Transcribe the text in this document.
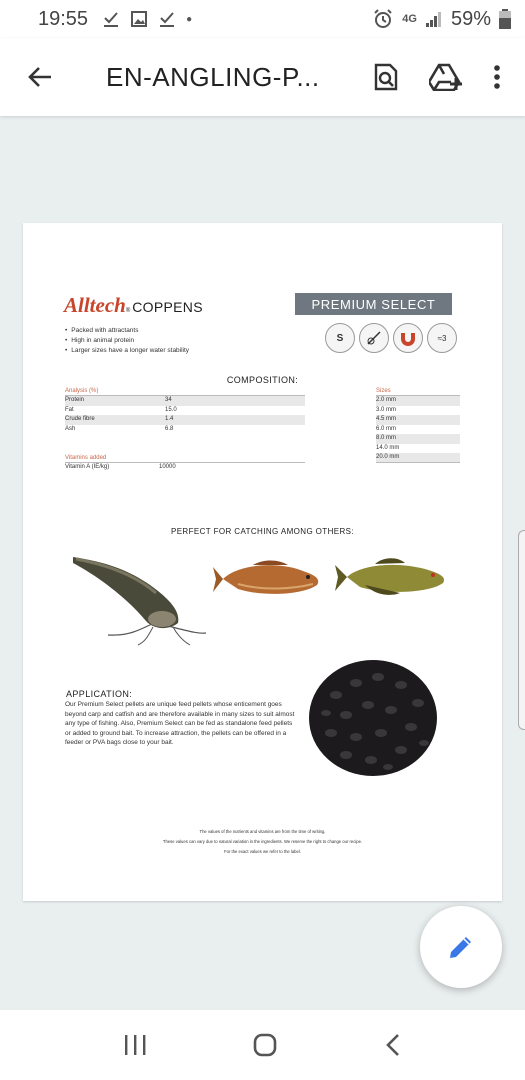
19:55	●	4G 59%
EN-ANGLING-P...
Alltech ® COPPENS	PREMIUM SELECT
• Packed with attractants
• High in animal protein
• Larger sizes have a longer water stability
S	≈3
COMPOSITION:
Analysis (%)
Protein	34
Fat	15.0
Crude fibre	1.4
Ash	6.8
Vitamins added
Vitamin A (IE/kg)	10000
Sizes
2.0 mm
3.0 mm
4.5 mm
6.0 mm
8.0 mm
14.0 mm
20.0 mm
PERFECT FOR CATCHING AMONG OTHERS:
APPLICATION:
Our Premium Select pellets are unique feed pellets whose enticement goes beyond carp and catfish and are therefore available in many sizes to suit almost any type of fishing. Also, Premium Select can be fed as standalone feed pellets or added to ground bait. To increase attraction, the pellets can be offered in a feeder or PVA bags close to your bait.
The values of the nutrients and vitamins are from the time of writing.
These values can vary due to natural variation in the ingredients. We reserve the right to change our recipe.
For the exact values we refer to the label.
